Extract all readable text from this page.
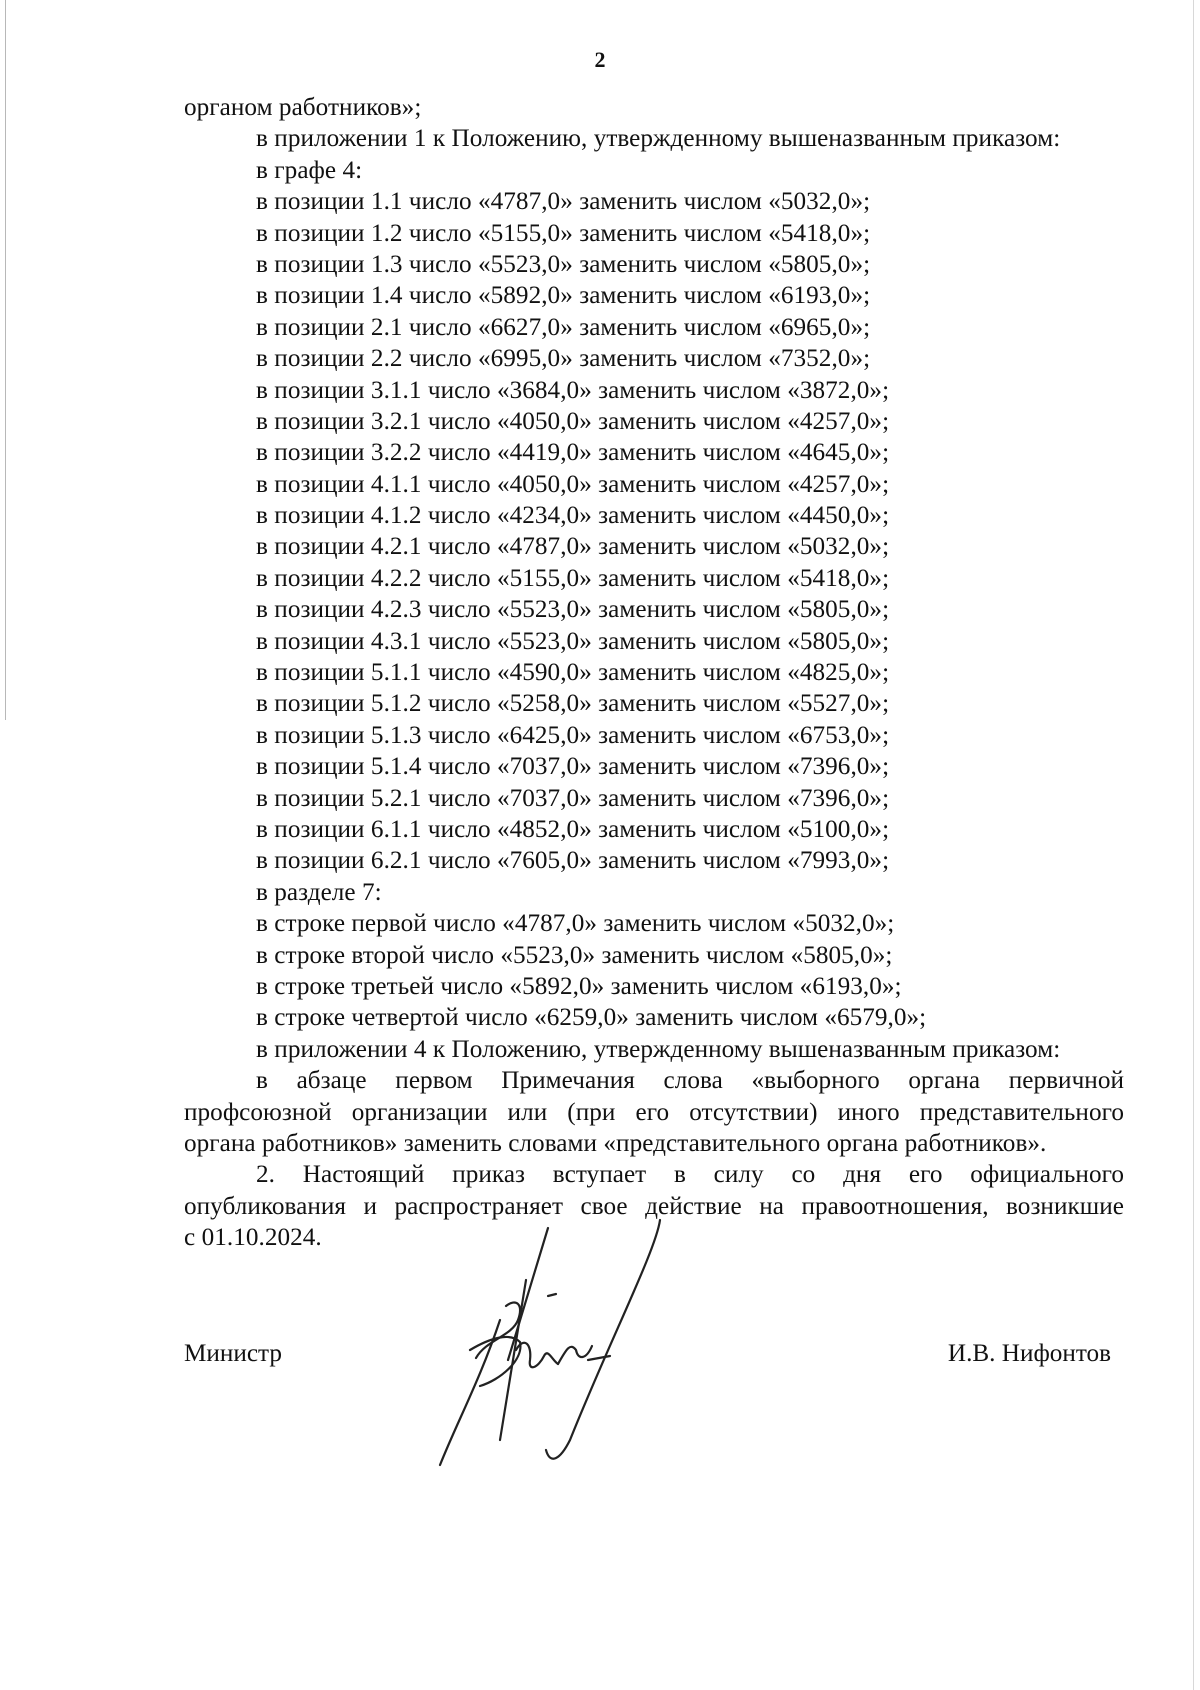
2
органом работников»;
в приложении 1 к Положению, утвержденному вышеназванным приказом:
в графе 4:
в позиции 1.1 число «4787,0» заменить числом «5032,0»;
в позиции 1.2 число «5155,0» заменить числом «5418,0»;
в позиции 1.3 число «5523,0» заменить числом «5805,0»;
в позиции 1.4 число «5892,0» заменить числом «6193,0»;
в позиции 2.1 число «6627,0» заменить числом «6965,0»;
в позиции 2.2 число «6995,0» заменить числом «7352,0»;
в позиции 3.1.1 число «3684,0» заменить числом «3872,0»;
в позиции 3.2.1 число «4050,0» заменить числом «4257,0»;
в позиции 3.2.2 число «4419,0» заменить числом «4645,0»;
в позиции 4.1.1 число «4050,0» заменить числом «4257,0»;
в позиции 4.1.2 число «4234,0» заменить числом «4450,0»;
в позиции 4.2.1 число «4787,0» заменить числом «5032,0»;
в позиции 4.2.2 число «5155,0» заменить числом «5418,0»;
в позиции 4.2.3 число «5523,0» заменить числом «5805,0»;
в позиции 4.3.1 число «5523,0» заменить числом «5805,0»;
в позиции 5.1.1 число «4590,0» заменить числом «4825,0»;
в позиции 5.1.2 число «5258,0» заменить числом «5527,0»;
в позиции 5.1.3 число «6425,0» заменить числом «6753,0»;
в позиции 5.1.4 число «7037,0» заменить числом «7396,0»;
в позиции 5.2.1 число «7037,0» заменить числом «7396,0»;
в позиции 6.1.1 число «4852,0» заменить числом «5100,0»;
в позиции 6.2.1 число «7605,0» заменить числом «7993,0»;
в разделе 7:
в строке первой число «4787,0» заменить числом «5032,0»;
в строке второй число «5523,0» заменить числом «5805,0»;
в строке третьей число «5892,0» заменить числом «6193,0»;
в строке четвертой число «6259,0» заменить числом «6579,0»;
в приложении 4 к Положению, утвержденному вышеназванным приказом:
в абзаце первом Примечания слова «выборного органа первичной
профсоюзной организации или (при его отсутствии) иного представительного
органа работников» заменить словами «представительного органа работников».
2. Настоящий приказ вступает в силу со дня его официального
опубликования и распространяет свое действие на правоотношения, возникшие
с 01.10.2024.
Министр	И.В. Нифонтов
